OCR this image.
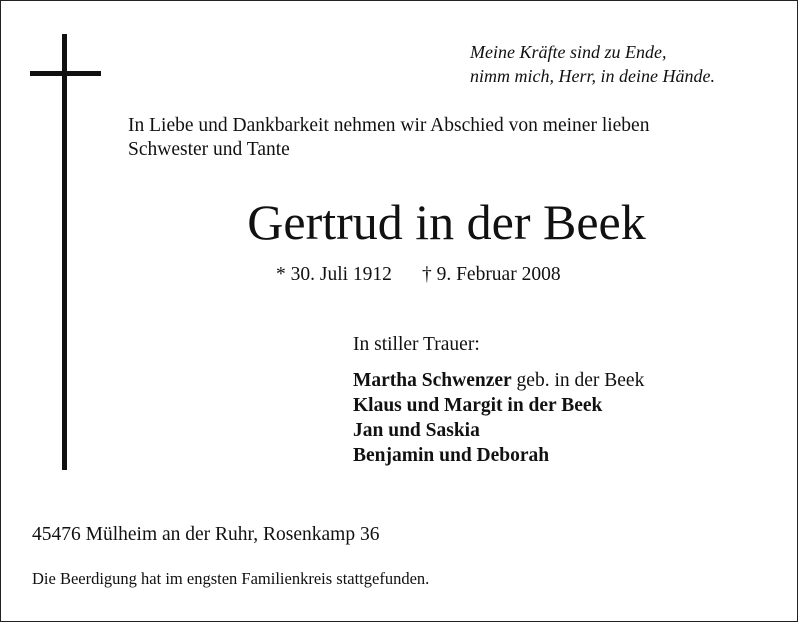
Meine Kräfte sind zu Ende,
nimm mich, Herr, in deine Hände.

In Liebe und Dankbarkeit nehmen wir Abschied von meiner lieben
Schwester und Tante

Gertrud in der Beek
* 30. Juli 1912 † 9. Februar 2008
In stiller Trauer:
Martha Schwenzer geb. in der Beek
Klaus und Margit in der Beek
Jan und Saskia
Benjamin und Deborah
45476 Mülheim an der Ruhr, Rosenkamp 36
Die Beerdigung hat im engsten Familienkreis stattgefunden.
